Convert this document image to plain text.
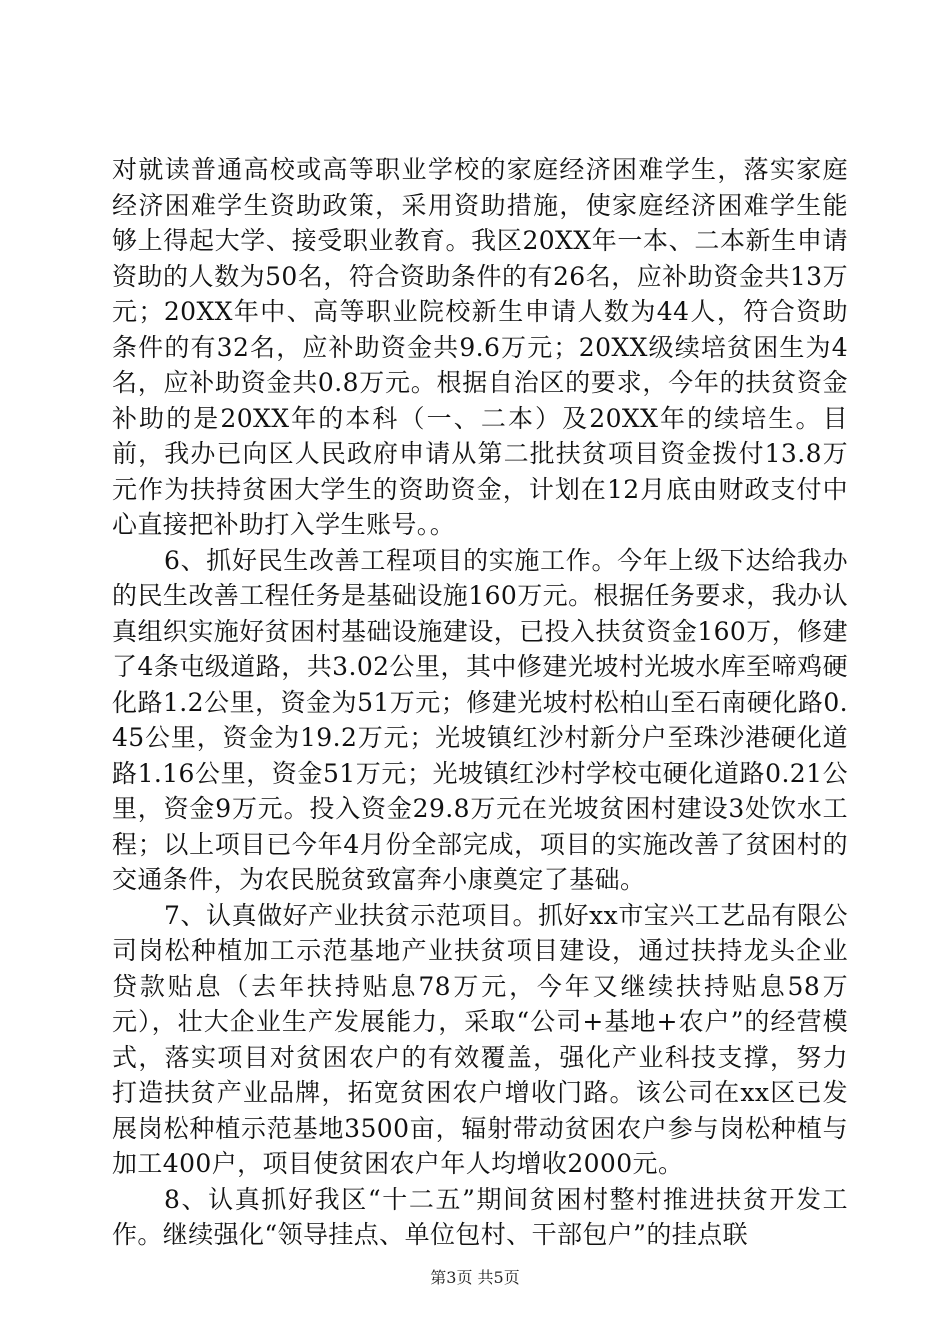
对就读普通高校或高等职业学校的家庭经济困难学生，落实家庭经济困难学生资助政策，采用资助措施，使家庭经济困难学生能够上得起大学、接受职业教育。我区20XX年一本、二本新生申请资助的人数为50名，符合资助条件的有26名，应补助资金共13万元；20XX年中、高等职业院校新生申请人数为44人，符合资助条件的有32名，应补助资金共9.6万元；20XX级续培贫困生为4名，应补助资金共0.8万元。根据自治区的要求，今年的扶贫资金补助的是20XX年的本科（一、二本）及20XX年的续培生。目前，我办已向区人民政府申请从第二批扶贫项目资金拨付13.8万元作为扶持贫困大学生的资助资金，计划在12月底由财政支付中心直接把补助打入学生账号。。

6、抓好民生改善工程项目的实施工作。今年上级下达给我办的民生改善工程任务是基础设施160万元。根据任务要求，我办认真组织实施好贫困村基础设施建设，已投入扶贫资金160万，修建了4条屯级道路，共3.02公里，其中修建光坡村光坡水库至啼鸡硬化路1.2公里，资金为51万元；修建光坡村松柏山至石南硬化路0.45公里，资金为19.2万元；光坡镇红沙村新分户至珠沙港硬化道路1.16公里，资金51万元；光坡镇红沙村学校屯硬化道路0.21公里，资金9万元。投入资金29.8万元在光坡贫困村建设3处饮水工程；以上项目已今年4月份全部完成，项目的实施改善了贫困村的交通条件，为农民脱贫致富奔小康奠定了基础。

7、认真做好产业扶贫示范项目。抓好xx市宝兴工艺品有限公司岗松种植加工示范基地产业扶贫项目建设，通过扶持龙头企业贷款贴息（去年扶持贴息78万元，今年又继续扶持贴息58万元），壮大企业生产发展能力，采取“公司+基地+农户”的经营模式，落实项目对贫困农户的有效覆盖，强化产业科技支撑，努力打造扶贫产业品牌，拓宽贫困农户增收门路。该公司在xx区已发展岗松种植示范基地3500亩，辐射带动贫困农户参与岗松种植与加工400户，项目使贫困农户年人均增收2000元。

8、认真抓好我区“十二五”期间贫困村整村推进扶贫开发工作。继续强化“领导挂点、单位包村、干部包户”的挂点联

第3页 共5页
